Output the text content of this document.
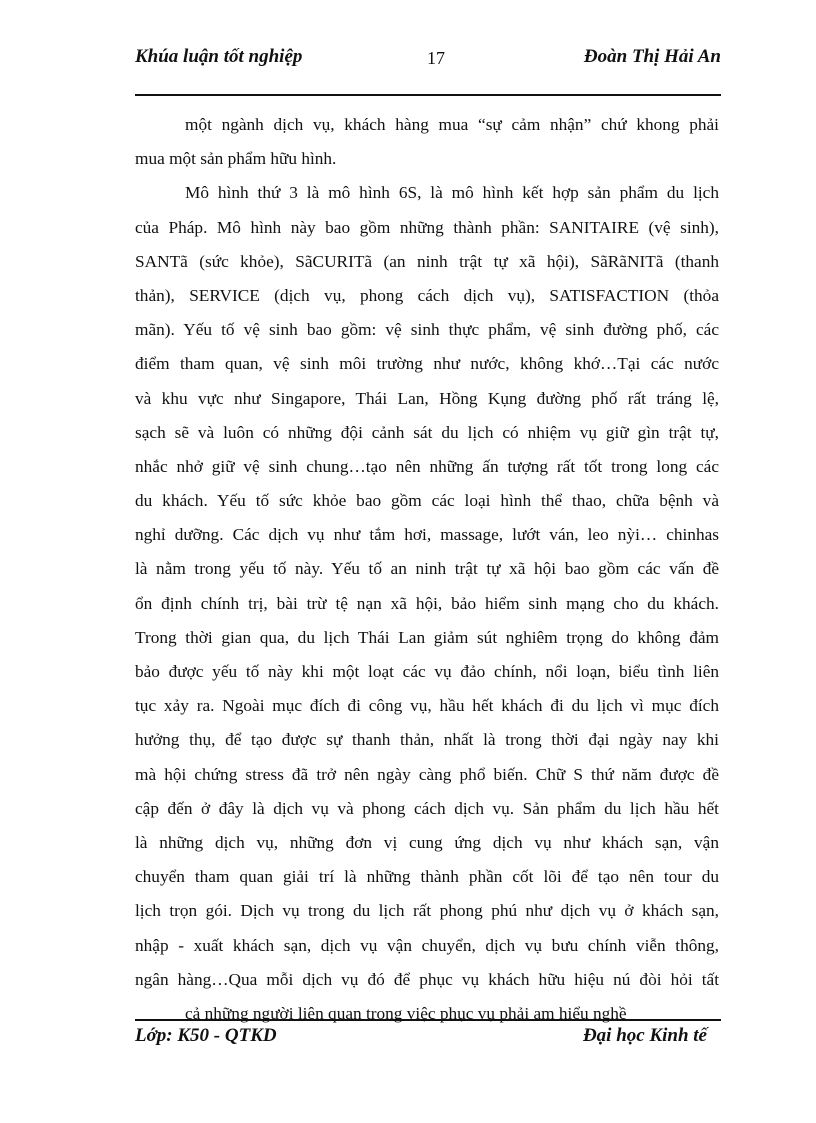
Khúa luận tốt nghiệp	17	Đoàn Thị Hải An
một ngành dịch vụ, khách hàng mua “sự cảm nhận” chứ khong phải
mua một sản phẩm hữu hình.
Mô hình thứ 3 là mô hình 6S, là mô hình kết hợp sản phẩm du lịch
của Pháp. Mô hình này bao gồm những thành phần: SANITAIRE (vệ sinh),
SANTã (sức khỏe), SãCURITã (an ninh trật tự xã hội), SãRãNITã (thanh
thản), SERVICE (dịch vụ, phong cách dịch vụ), SATISFACTION (thỏa
mãn). Yếu tố vệ sinh bao gồm: vệ sinh thực phẩm, vệ sinh đường phố, các
điểm tham quan, vệ sinh môi trường như nước, không khớ…Tại các nước
và khu vực như Singapore, Thái Lan, Hồng Kụng đường phố rất tráng lệ,
sạch sẽ và luôn có những đội cảnh sát du lịch có nhiệm vụ giữ gìn trật tự,
nhắc nhở giữ vệ sinh chung…tạo nên những ấn tượng rất tốt trong long các
du khách. Yếu tố sức khỏe bao gồm các loại hình thể thao, chữa bệnh và
nghỉ dưỡng. Các dịch vụ như tắm hơi, massage, lướt ván, leo nỳi… chinhas
là nằm trong yếu tố này. Yếu tố an ninh trật tự xã hội bao gồm các vấn đề
ổn định chính trị, bài trừ tệ nạn xã hội, bảo hiểm sinh mạng cho du khách.
Trong thời gian qua, du lịch Thái Lan giảm sút nghiêm trọng do không đảm
bảo được yếu tố này khi một loạt các vụ đảo chính, nổi loạn, biểu tình liên
tục xảy ra. Ngoài mục đích đi công vụ, hầu hết khách đi du lịch vì mục đích
hưởng thụ, để tạo được sự thanh thản, nhất là trong thời đại ngày nay khi
mà hội chứng stress đã trở nên ngày càng phổ biến. Chữ S thứ năm được đề
cập đến ở đây là dịch vụ và phong cách dịch vụ. Sản phẩm du lịch hầu hết
là những dịch vụ, những đơn vị cung ứng dịch vụ như khách sạn, vận
chuyển tham quan giải trí là những thành phần cốt lõi để tạo nên tour du
lịch trọn gói. Dịch vụ trong du lịch rất phong phú như dịch vụ ở khách sạn,
nhập - xuất khách sạn, dịch vụ vận chuyển, dịch vụ bưu chính viễn thông,
ngân hàng…Qua mỗi dịch vụ đó để phục vụ khách hữu hiệu nú đòi hỏi tất
cả những người liên quan trong việc phục vụ phải am hiểu nghề
Lớp: K50 - QTKD	Đại học Kinh tế
